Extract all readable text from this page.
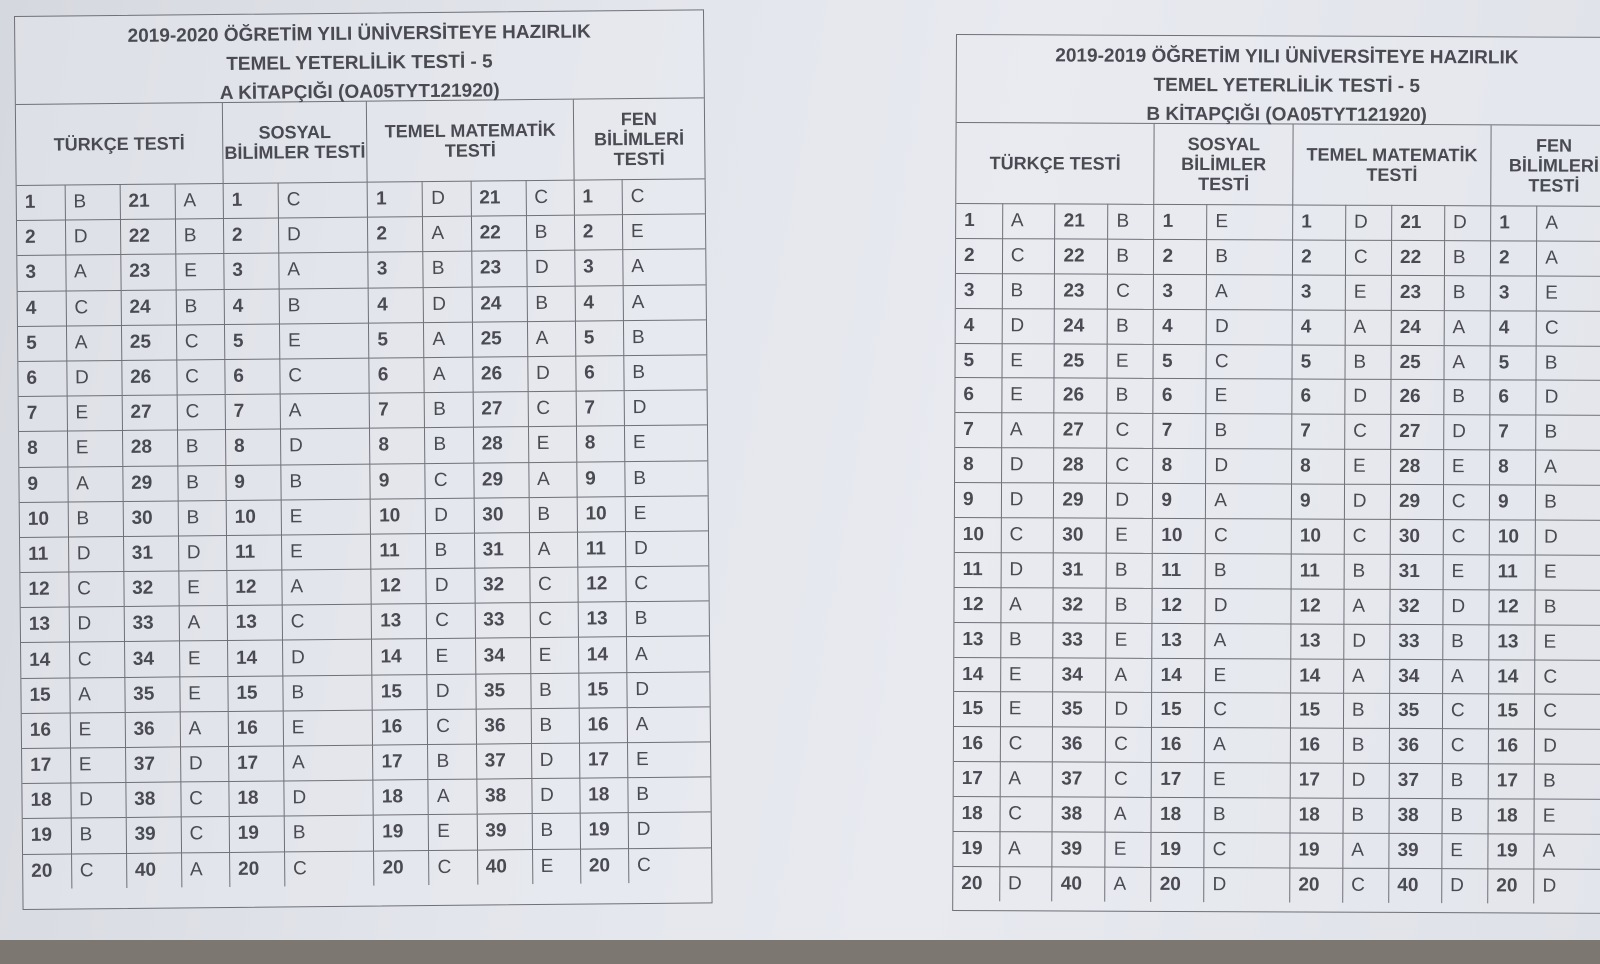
2019-2020 ÖĞRETİM YILI ÜNİVERSİTEYE HAZIRLIK
TEMEL YETERLİLİK TESTİ - 5
A KİTAPÇIĞI (OA05TYT121920)
TÜRKÇE TESTİ				SOSYAL BİLİMLER TESTİ		TEMEL MATEMATİK TESTİ				FEN BİLİMLERİ TESTİ	
1	B	21	A	1	C	1	D	21	C	1	C
2	D	22	B	2	D	2	A	22	B	2	E
3	A	23	E	3	A	3	B	23	D	3	A
4	C	24	B	4	B	4	D	24	B	4	A
5	A	25	C	5	E	5	A	25	A	5	B
6	D	26	C	6	C	6	A	26	D	6	B
7	E	27	C	7	A	7	B	27	C	7	D
8	E	28	B	8	D	8	B	28	E	8	E
9	A	29	B	9	B	9	C	29	A	9	B
10	B	30	B	10	E	10	D	30	B	10	E
11	D	31	D	11	E	11	B	31	A	11	D
12	C	32	E	12	A	12	D	32	C	12	C
13	D	33	A	13	C	13	C	33	C	13	B
14	C	34	E	14	D	14	E	34	E	14	A
15	A	35	E	15	B	15	D	35	B	15	D
16	E	36	A	16	E	16	C	36	B	16	A
17	E	37	D	17	A	17	B	37	D	17	E
18	D	38	C	18	D	18	A	38	D	18	B
19	B	39	C	19	B	19	E	39	B	19	D
20	C	40	A	20	C	20	C	40	E	20	C
2019-2019 ÖĞRETİM YILI ÜNİVERSİTEYE HAZIRLIK
TEMEL YETERLİLİK TESTİ - 5
B KİTAPÇIĞI (OA05TYT121920)
TÜRKÇE TESTİ				SOSYAL BİLİMLER TESTİ		TEMEL MATEMATİK TESTİ				FEN BİLİMLERİ TESTİ	
1	A	21	B	1	E	1	D	21	D	1	A
2	C	22	B	2	B	2	C	22	B	2	A
3	B	23	C	3	A	3	E	23	B	3	E
4	D	24	B	4	D	4	A	24	A	4	C
5	E	25	E	5	C	5	B	25	A	5	B
6	E	26	B	6	E	6	D	26	B	6	D
7	A	27	C	7	B	7	C	27	D	7	B
8	D	28	C	8	D	8	E	28	E	8	A
9	D	29	D	9	A	9	D	29	C	9	B
10	C	30	E	10	C	10	C	30	C	10	D
11	D	31	B	11	B	11	B	31	E	11	E
12	A	32	B	12	D	12	A	32	D	12	B
13	B	33	E	13	A	13	D	33	B	13	E
14	E	34	A	14	E	14	A	34	A	14	C
15	E	35	D	15	C	15	B	35	C	15	C
16	C	36	C	16	A	16	B	36	C	16	D
17	A	37	C	17	E	17	D	37	B	17	B
18	C	38	A	18	B	18	B	38	B	18	E
19	A	39	E	19	C	19	A	39	E	19	A
20	D	40	A	20	D	20	C	40	D	20	D
